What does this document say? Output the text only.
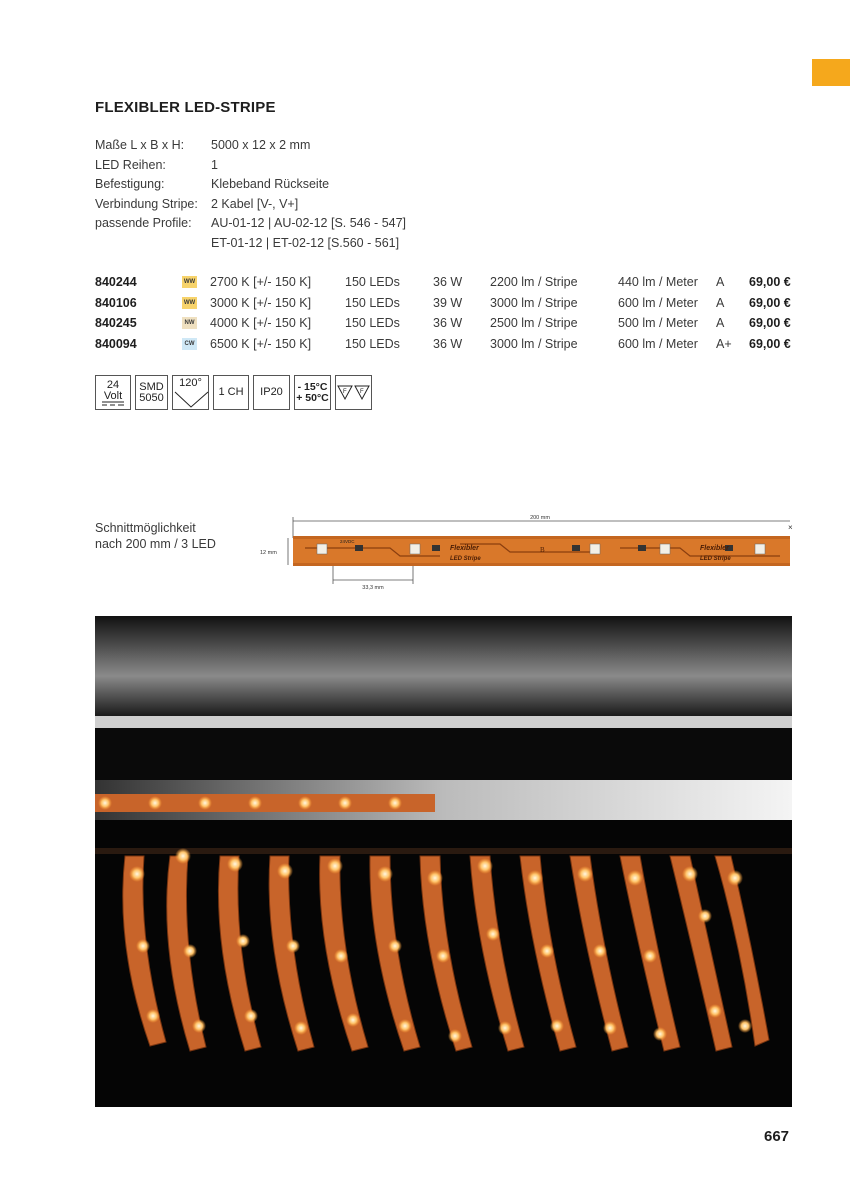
FLEXIBLER LED-STRIPE
Maße L x B x H:	5000 x 12 x 2 mm
LED Reihen:	1
Befestigung:	Klebeband Rückseite
Verbindung Stripe:	2 Kabel [V-, V+]
passende Profile:	AU-01-12 | AU-02-12 [S. 546 - 547]
ET-01-12 | ET-02-12 [S.560 - 561]
840244	WW 2700 K [+/- 150 K]	150 LEDs	36 W 2200 lm / Stripe	440 lm / Meter A 69,00 €
840106	WW 3000 K [+/- 150 K]	150 LEDs	39 W 3000 lm / Stripe	600 lm / Meter A 69,00 €
840245	NW 4000 K [+/- 150 K]	150 LEDs	36 W 2500 lm / Stripe	500 lm / Meter A 69,00 €
840094	CW 6500 K [+/- 150 K]	150 LEDs	36 W 3000 lm / Stripe	600 lm / Meter A+ 69,00 €
24
Volt
SMD
5050
120°
1 CH IP20 - 15°C
+ 50°C F F
Schnittmöglichkeit
nach 200 mm / 3 LED
200 mm
×
12 mm
24VDC
Flexibler
LED Stripe
B	Flexibler
LED Stripe
33,3 mm
667
